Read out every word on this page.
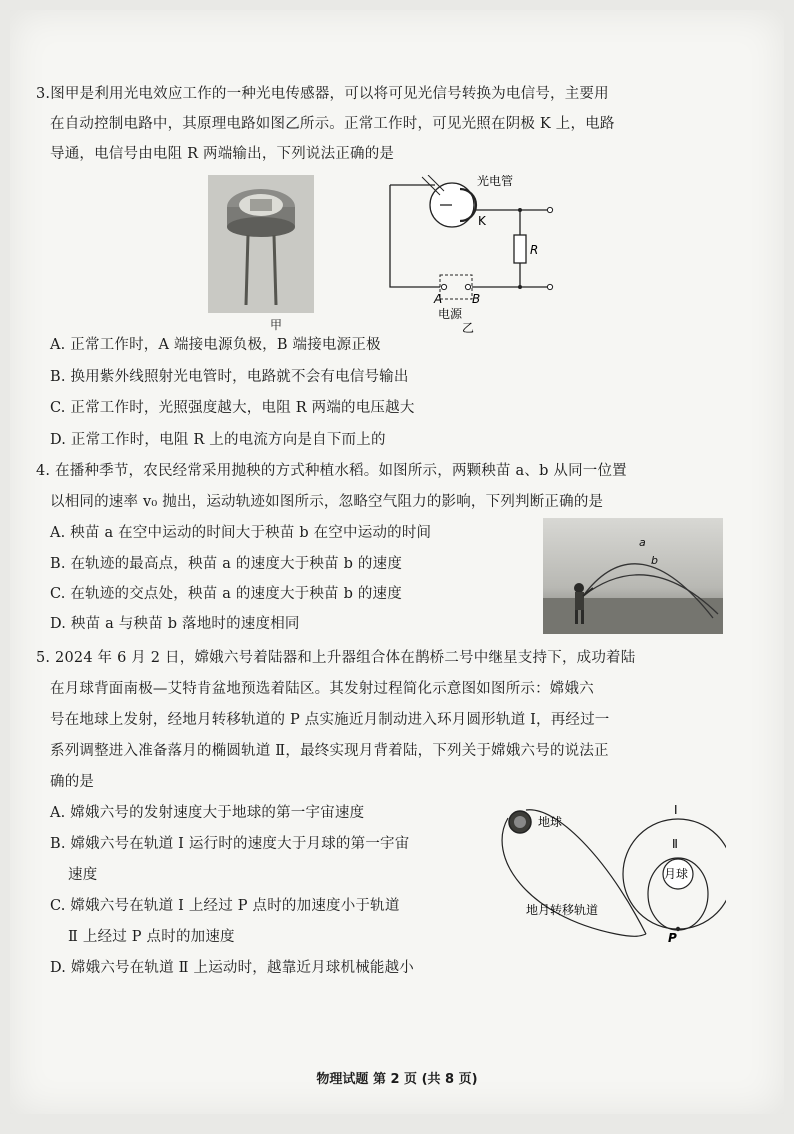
3.图甲是利用光电效应工作的一种光电传感器，可以将可见光信号转换为电信号，主要用
在自动控制电路中，其原理电路如图乙所示。正常工作时，可见光照在阴极 K 上，电路
导通，电信号由电阻 R 两端输出，下列说法正确的是
甲
光电管
K
R
A B
电源
乙
A. 正常工作时，A 端接电源负极，B 端接电源正极
B. 换用紫外线照射光电管时，电路就不会有电信号输出
C. 正常工作时，光照强度越大，电阻 R 两端的电压越大
D. 正常工作时，电阻 R 上的电流方向是自下而上的
4. 在播种季节，农民经常采用抛秧的方式种植水稻。如图所示，两颗秧苗 a、b 从同一位置
以相同的速率 v₀ 抛出，运动轨迹如图所示，忽略空气阻力的影响，下列判断正确的是
A. 秧苗 a 在空中运动的时间大于秧苗 b 在空中运动的时间
B. 在轨迹的最高点，秧苗 a 的速度大于秧苗 b 的速度
C. 在轨迹的交点处，秧苗 a 的速度大于秧苗 b 的速度
D. 秧苗 a 与秧苗 b 落地时的速度相同
a
b
5. 2024 年 6 月 2 日，嫦娥六号着陆器和上升器组合体在鹊桥二号中继星支持下，成功着陆
在月球背面南极—艾特肯盆地预选着陆区。其发射过程简化示意图如图所示：嫦娥六
号在地球上发射，经地月转移轨道的 P 点实施近月制动进入环月圆形轨道 Ⅰ，再经过一
系列调整进入准备落月的椭圆轨道 Ⅱ，最终实现月背着陆，下列关于嫦娥六号的说法正
确的是
A. 嫦娥六号的发射速度大于地球的第一宇宙速度
B. 嫦娥六号在轨道 Ⅰ 运行时的速度大于月球的第一宇宙
速度
C. 嫦娥六号在轨道 Ⅰ 上经过 P 点时的加速度小于轨道
Ⅱ 上经过 P 点时的加速度
D. 嫦娥六号在轨道 Ⅱ 上运动时，越靠近月球机械能越小
地球
月球
Ⅰ
Ⅱ
P
地月转移轨道
物理试题 第 2 页 (共 8 页)
